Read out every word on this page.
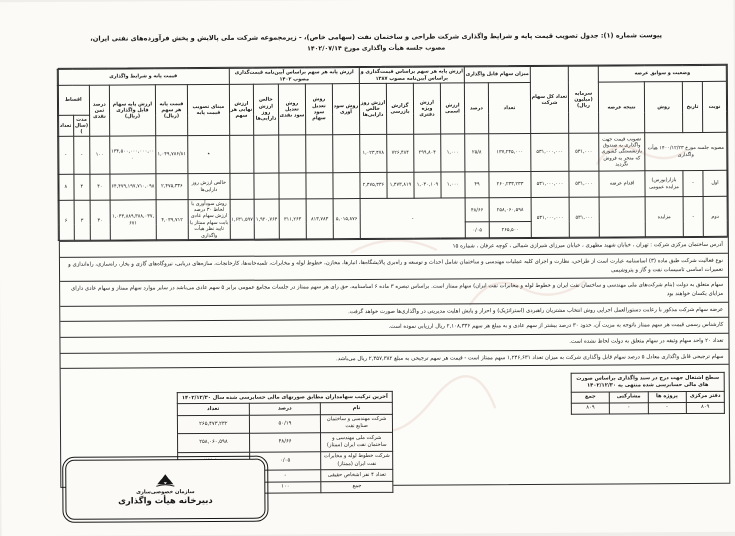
پیوست شماره (۱): جدول تصویب قیمت پایه و شرایط واگذاری شرکت طراحی و ساختمان نفت (سهامی خاص)، - زیرمجموعه شرکت ملی پالایش و پخش فرآورده‌های نفتی ایران،
مصوب جلسه هیأت واگذاری مورخ ۱۴۰۲/۰۷/۱۴
وضعیت و سوابق عرضه				سرمایه (میلیون ریال)	تعداد کل سهام شرکت	میزان سهام قابل واگذاری		ارزش پایه هر سهم براساس قیمت‌گذاری و براساس آیین‌نامه مصوب ۱۳۸۷				ارزش پایه هر سهم براساس آیین‌نامه قیمت‌گذاری مصوب ۱۴۰۲					قیمت پایه و شرایط واگذاری					
نوبت	تاریخ	روش	نتیجه عرضه			تعداد	درصد	ارزش اسمی	ارزش ویژه دفتری	گزارش بازرسی	ارزش روز خالص دارایی‌ها	روش سود آوری	روش تعدیل سود سهام	روش تعدیل سود نقدی	خالص ارزش روز دارایی‌ها	ارزش نهایی هر سهم	مبنای تصویب قیمت پایه	قیمت پایه هر سهم (ریال)	ارزش پایه سهام قابل واگذاری (ریال)	درصد ثمن نقدی	اقساط	
																					مدت (سال)	تعداد
مصوبه جلسه مورخ ۱۴۰۰/۱۲/۲۳ هیأت واگذاری			تصویب قیمت جهت واگذاری به صندوق بازنشستگی کشوری که منجر به فروش نگردید	۵۳۱,۰۰۰	۵۳۱,۰۰۰,۰۰۰	۱۳۷,۲۴۵,۰۰۰	۲۵/۸	۱,۰۰۰	۲۹۹,۸۰۴	۷۲۶,۴۸۴	۱,۰۲۳,۴۷۸						٭	۱,۰۴۹,۷۸۶/۸۱	۱۳۴,۵۰۰,۰۰۰,۰۰۰,۰۰۰	۱۰۰	-	-
اول	-	بازار(بورس) مزایده عمومی	اقدام عرضه	۵۳۱,۰۰۰	۵۳۱,۰۰۰,۰۰۰	۲۶۰,۲۳۳,۲۳۳	۴۹	۱,۰۰۰	۱,۰۳۰,۱۰۹	۱,۴۷۳,۸۱۹	۲,۴۷۵,۳۳۶						خالص ارزش روز دارایی‌ها	۲,۴۷۵,۳۳۶	۶۴,۴۷۹,۱۹۷,۷۱۰,۰۹۸	۴۰	۴	۸
دوم	-	مزایده		۵۳۱,۰۰۰	۵۳۱,۰۰۰,۰۰۰	۲۵۸,۰۶۰,۵۹۸	۴۸/۶۶	-				۵,۰۱۵,۸۷۶	۸۱۳,۷۸۳	۳۱۱,۲۶۳	۱,۹۲۰,۷۶۴	۱,۶۳۱,۵۹۷	روش سودآوری با لحاظ ۳۰ درصد ارزش سهام عادی بابت سهام ممتاز با تایید نظر هیأت واگذاری	۴,۰۳۹,۷۱۲	۱,۰۴۳,۸۸۹,۳۸۸,۰۳۷,۶۷۱	۳۰	۳	۶
						۲۶۵,۵۰۰	۰/۰۵															
آدرس ساختمان مرکزی شرکت : تهران ، خیابان شهید مطهری ، خیابان میرزای شیرازی شمالی ، کوچه عرفان ، شماره ۱۵
نوع فعالیت شرکت طبق ماده (۳) اساسنامه عبارت است از طراحی، نظارت و اجرای کلیه عملیات مهندسی و ساختمان شامل احداث و توسعه و راه‌بری پالایشگاه‌ها، انبارها، مخازن، خطوط لوله و مخابرات، تلمبه‌خانه‌ها، کارخانجات، سازه‌های دریایی، نیروگاه‌های گازی و بخار، راه‌سازی، راه‌اندازی و تعمیرات اساسی تاسیسات نفت و گاز و پتروشیمی
سهام متعلق به دولت (بنام شرکت‌های ملی مهندسی و ساختمان نفت ایران و خطوط لوله و مخابرات نفت ایران) سهام ممتاز است. براساس تبصره ۳ ماده ۶ اساسنامه، حق رای هر سهم ممتاز در جلسات مجامع عمومی برابر ۵ سهم عادی می‌باشد در سایر موارد سهام ممتاز و سهام عادی دارای مزایای یکسان خواهند بود
عرضه سهام شرکت مذکور با رعایت دستورالعمل اجرایی روش انتخاب مشتریان راهبردی (استراتژیک) و احراز و پایش اهلیت مدیریتی در واگذاری‌ها صورت خواهد گرفت.
کارشناس رسمی قیمت هر سهم ممتاز باتوجه به مزیت آن، حدود ۳۰ درصد بیشتر از سهم عادی و به مبلغ هر سهم ۲,۱۰۸,۳۳۶ ریال ارزیابی نموده است.
تعداد ۲۰ واحد سهام وثیقه در سهام متعلق به دولت لحاظ نشده است.
سهام ترجیحی قابل واگذاری معادل ۵ درصد سهام قابل واگذاری شرکت به میزان تعداد ۱,۲۴۶,۶۳۱ سهم ممتاز است - قیمت هر سهم ترجیحی به مبلغ ۲,۳۵۷,۳۸۲ ریال می‌باشد.
سطح اشتغال جهت درج در سند واگذاری براساس صورت های مالی حسابرسی شده منتهی به ۱۴۰۲/۱۲/۳۰			
دفتر مرکزی	پروژه ها	مشارکتی	جمع
۸۰۹	-	-	۸۰۹
آخرین ترکیب سهامداران مطابق صورتهای مالی حسابرسی شده سال ۱۴۰۲/۱۲/۳۰		
نام	درصد	تعداد
شرکت مهندسی و ساختمان صنایع نفت	۵۰/۱۹	۲۶۵,۴۷۳,۲۳۲
شرکت ملی مهندسی و ساختمان نفت ایران (ممتاز)	۴۸/۶۶	۲۵۸,۰۶۰,۵۹۸
شرکت خطوط لوله و مخابرات نفت ایران (ممتاز)	۰/۰۵	
تعداد ۴ نفر اشخاص حقیقی	-	
جمع	۱۰۰	
سازمان خصوصی‌سازی
دبیرخانه هیأت واگذاری
